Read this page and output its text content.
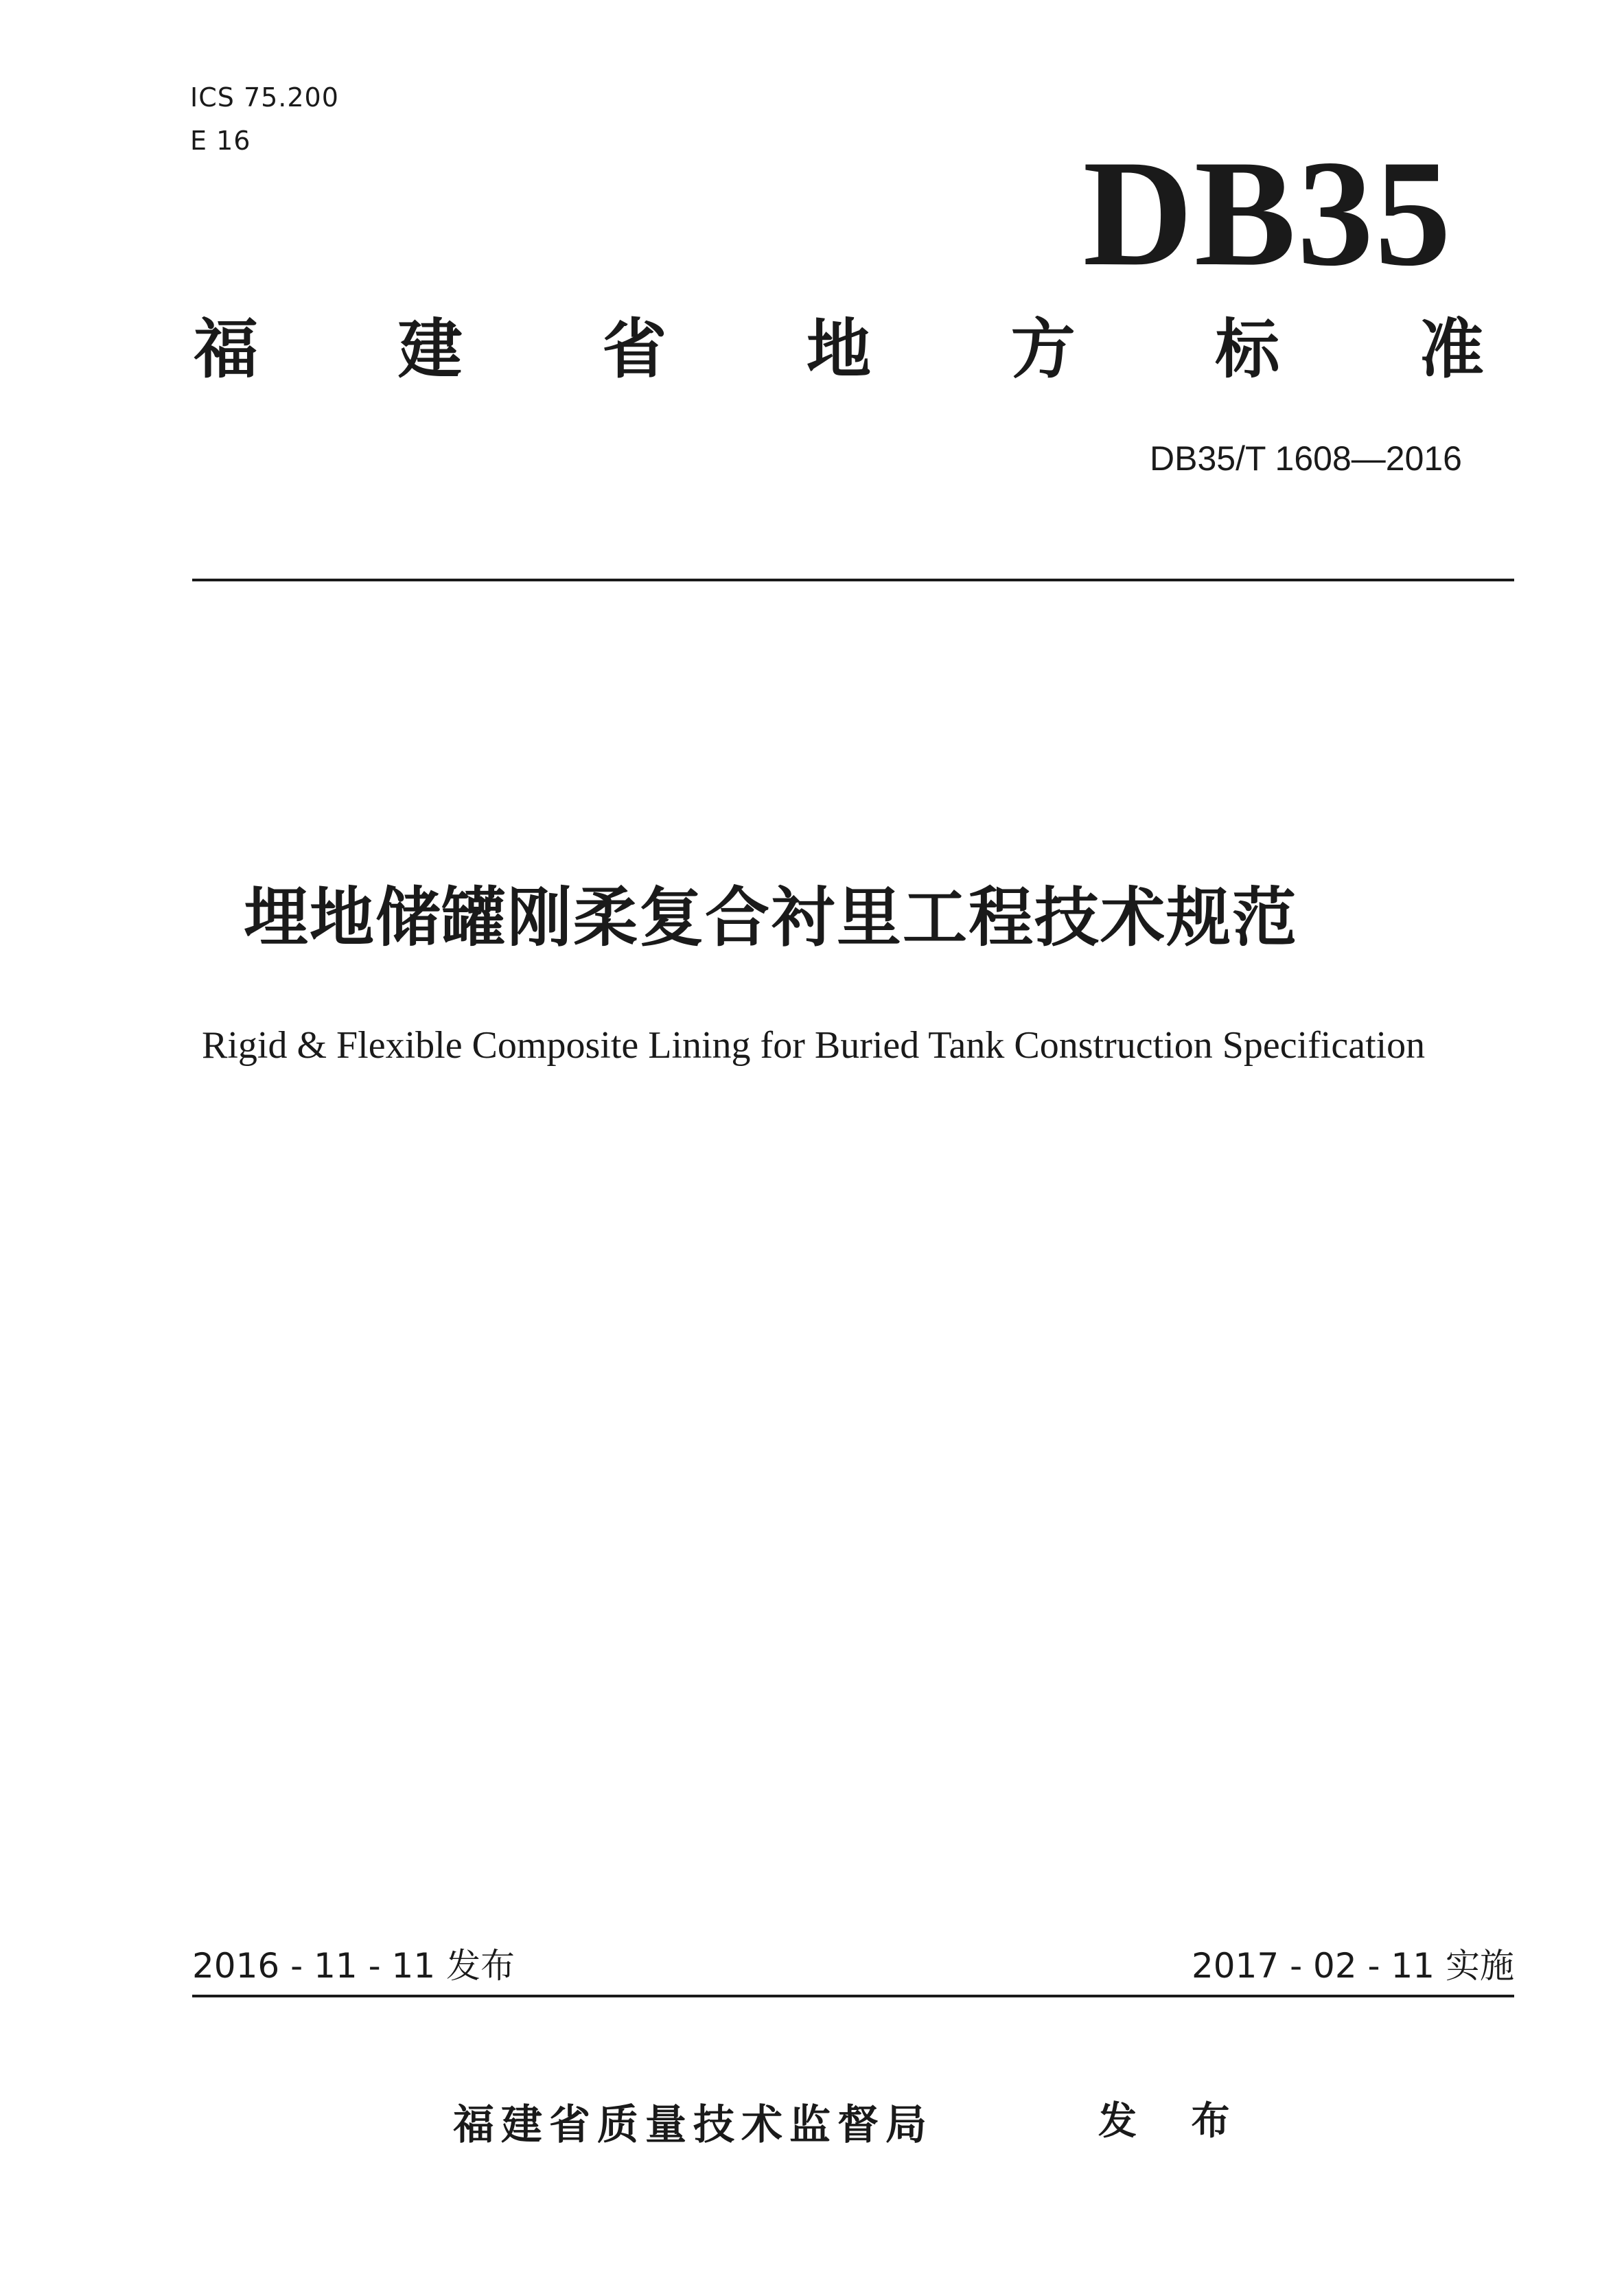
ICS 75.200
E 16	DB35
福 建 省 地 方 标 准
DB35/T 1608—2016
埋地储罐刚柔复合衬里工程技术规范
Rigid & Flexible Composite Lining for Buried Tank Construction Specification
2016 - 11 - 11 发布	2017 - 02 - 11 实施
福建省质量技术监督局	发 布
